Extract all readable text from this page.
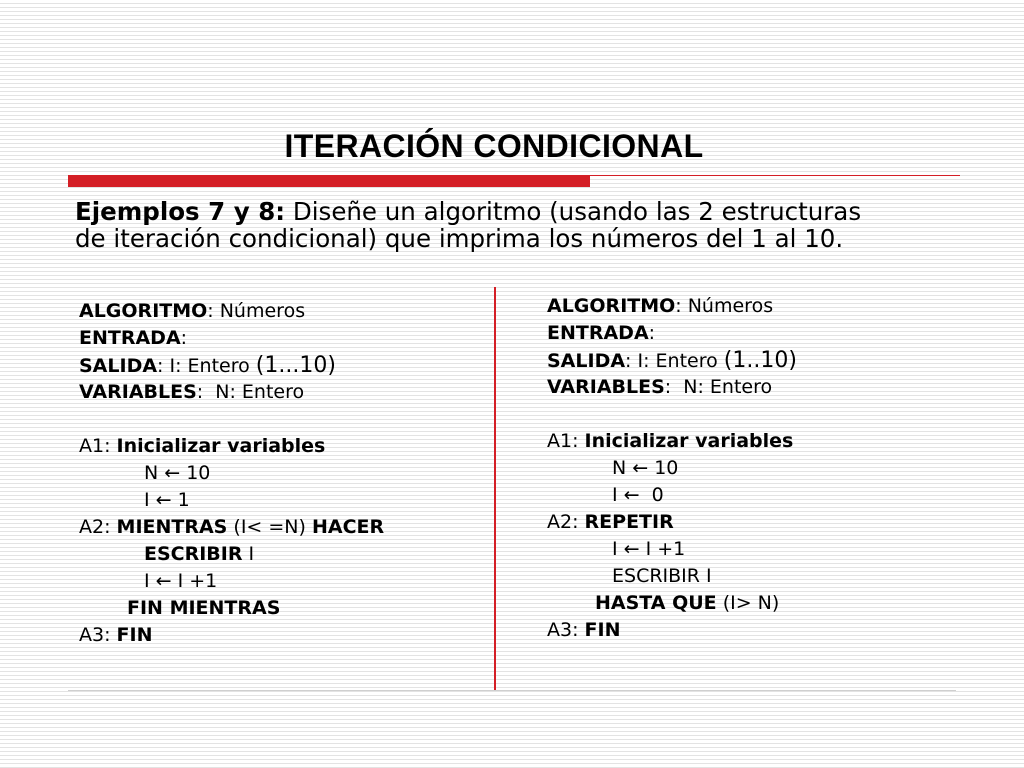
ITERACIÓN CONDICIONAL

Ejemplos 7 y 8: Diseñe un algoritmo (usando las 2 estructuras de iteración condicional) que imprima los números del 1 al 10.

ALGORITMO: Números
ENTRADA:
SALIDA: I: Entero (1...10)
VARIABLES:  N: Entero
A1: Inicializar variables
N ← 10
I ← 1
A2: MIENTRAS (I< =N) HACER
ESCRIBIR I
I ← I +1
FIN MIENTRAS
A3: FIN
ALGORITMO: Números
ENTRADA:
SALIDA: I: Entero (1..10)
VARIABLES:  N: Entero
A1: Inicializar variables
N ← 10
I ←  0
A2: REPETIR
I ← I +1
ESCRIBIR I
HASTA QUE (I> N)
A3: FIN
